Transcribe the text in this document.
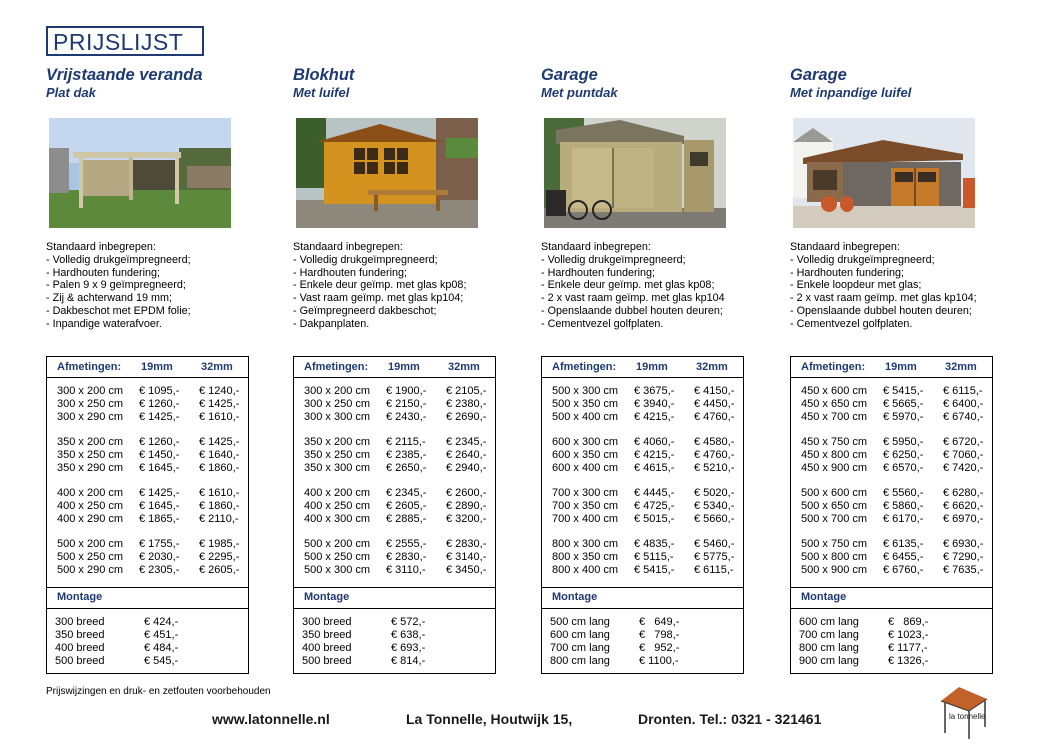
PRIJSLIJST
Vrijstaande veranda
Plat dak
Standaard inbegrepen:
- Volledig drukgeïmpregneerd;
- Hardhouten fundering;
- Palen 9 x 9 geïmpregneerd;
- Zij & achterwand 19 mm;
- Dakbeschot met EPDM folie;
- Inpandige waterafvoer.
Afmetingen: 19mm	32mm
300 x 200 cm € 1095,- € 1240,-
300 x 250 cm € 1260,- € 1425,-
300 x 290 cm € 1425,- € 1610,-
350 x 200 cm € 1260,- € 1425,-
350 x 250 cm € 1450,- € 1640,-
350 x 290 cm € 1645,- € 1860,-
400 x 200 cm € 1425,- € 1610,-
400 x 250 cm € 1645,- € 1860,-
400 x 290 cm € 1865,- € 2110,-
500 x 200 cm € 1755,- € 1985,-
500 x 250 cm € 2030,- € 2295,-
500 x 290 cm € 2305,- € 2605,-
Montage
300 breed	€ 424,-
350 breed	€ 451,-
400 breed	€ 484,-
500 breed	€ 545,-
Blokhut
Met luifel
Standaard inbegrepen:
- Volledig drukgeïmpregneerd;
- Hardhouten fundering;
- Enkele deur geïmp. met glas kp08;
- Vast raam geïmp. met glas kp104;
- Geïmpregneerd dakbeschot;
- Dakpanplaten.
Afmetingen: 19mm	32mm
300 x 200 cm € 1900,- € 2105,-
300 x 250 cm € 2150,- € 2380,-
300 x 300 cm € 2430,- € 2690,-
350 x 200 cm € 2115,- € 2345,-
350 x 250 cm € 2385,- € 2640,-
350 x 300 cm € 2650,- € 2940,-
400 x 200 cm € 2345,- € 2600,-
400 x 250 cm € 2605,- € 2890,-
400 x 300 cm € 2885,- € 3200,-
500 x 200 cm € 2555,- € 2830,-
500 x 250 cm € 2830,- € 3140,-
500 x 300 cm € 3110,- € 3450,-
Montage
300 breed	€ 572,-
350 breed	€ 638,-
400 breed	€ 693,-
500 breed	€ 814,-
Garage
Met puntdak
Standaard inbegrepen:
- Volledig drukgeïmpregneerd;
- Hardhouten fundering;
- Enkele deur geïmp. met glas kp08;
- 2 x vast raam geïmp. met glas kp104
- Openslaande dubbel houten deuren;
- Cementvezel golfplaten.
Afmetingen: 19mm	32mm
500 x 300 cm € 3675,- € 4150,-
500 x 350 cm € 3940,- € 4450,-
500 x 400 cm € 4215,- € 4760,-
600 x 300 cm € 4060,- € 4580,-
600 x 350 cm € 4215,- € 4760,-
600 x 400 cm € 4615,- € 5210,-
700 x 300 cm € 4445,- € 5020,-
700 x 350 cm € 4725,- € 5340,-
700 x 400 cm € 5015,- € 5660,-
800 x 300 cm € 4835,- € 5460,-
800 x 350 cm € 5115,- € 5775,-
800 x 400 cm € 5415,- € 6115,-
Montage
500 cm lang	€   649,-
600 cm lang	€   798,-
700 cm lang	€   952,-
800 cm lang	€ 1100,-
Garage
Met inpandige luifel
Standaard inbegrepen:
- Volledig drukgeïmpregneerd;
- Hardhouten fundering;
- Enkele loopdeur met glas;
- 2 x vast raam geïmp. met glas kp104;
- Openslaande dubbel houten deuren;
- Cementvezel golfplaten.
Afmetingen: 19mm	32mm
450 x 600 cm € 5415,- € 6115,-
450 x 650 cm € 5665,- € 6400,-
450 x 700 cm € 5970,- € 6740,-
450 x 750 cm € 5950,- € 6720,-
450 x 800 cm € 6250,- € 7060,-
450 x 900 cm € 6570,- € 7420,-
500 x 600 cm € 5560,- € 6280,-
500 x 650 cm € 5860,- € 6620,-
500 x 700 cm € 6170,- € 6970,-
500 x 750 cm € 6135,- € 6930,-
500 x 800 cm € 6455,- € 7290,-
500 x 900 cm € 6760,- € 7635,-
Montage
600 cm lang	€   869,-
700 cm lang	€ 1023,-
800 cm lang	€ 1177,-
900 cm lang	€ 1326,-
Prijswijzingen en druk- en zetfouten voorbehouden
www.latonnelle.nl	La Tonnelle, Houtwijk 15,	Dronten. Tel.: 0321 - 321461	la tonnelle
